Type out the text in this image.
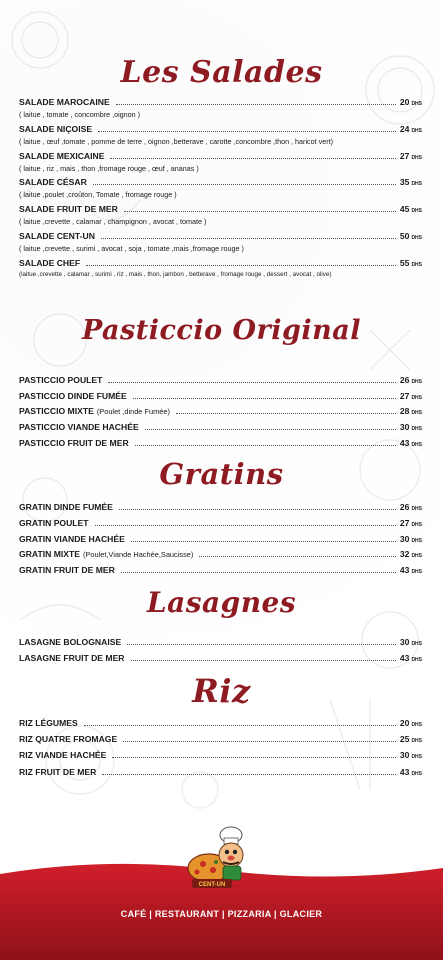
Les Salades
SALADE MAROCAINE	20 DHS
( laitue , tomate , concombre ,oignon )
SALADE NIÇOISE	24 DHS
( laitue , œuf ,tomate , pomme de terre , oignon ,betterave , carotte ,concombre ,thon , haricot vert)
SALADE MEXICAINE	27 DHS
( laitue , riz , mais , thon ,fromage rouge , œuf , ananas )
SALADE CÉSAR	35 DHS
( laitue ,poulet ,croûton, Tomate , fromage rouge )
SALADE FRUIT DE MER	45 DHS
( laitue ,crevette , calamar , champignon , avocat , tomate )
SALADE CENT-UN	50 DHS
( laitue ,crevette , surimi , avocat , soja , tomate ,mais ,fromage rouge )
SALADE CHEF	55 DHS
(laitue ,crevette , calamar , surimi , riz , mais , thon, jambon , betterave , fromage rouge , dessert , avocat , olive)
Pasticcio Original
PASTICCIO POULET	26 DHS
PASTICCIO DINDE FUMÉE	27 DHS
PASTICCIO MIXTE (Poulet ,dinde Fumée)	28 DHS
PASTICCIO VIANDE HACHÉE	30 DHS
PASTICCIO FRUIT DE MER	43 DHS
Gratins
GRATIN DINDE FUMÉE	26 DHS
GRATIN POULET	27 DHS
GRATIN VIANDE HACHÉE	30 DHS
GRATIN MIXTE (Poulet,Viande Hachée,Saucisse)	32 DHS
GRATIN FRUIT DE MER	43 DHS
Lasagnes
LASAGNE BOLOGNAISE	30 DHS
LASAGNE FRUIT DE MER	43 DHS
Riz
RIZ LÉGUMES	20 DHS
RIZ QUATRE FROMAGE	25 DHS
RIZ VIANDE HACHÉE	30 DHS
RIZ FRUIT DE MER	43 DHS
CENT-UN
CAFÉ | RESTAURANT | PIZZARIA | GLACIER
